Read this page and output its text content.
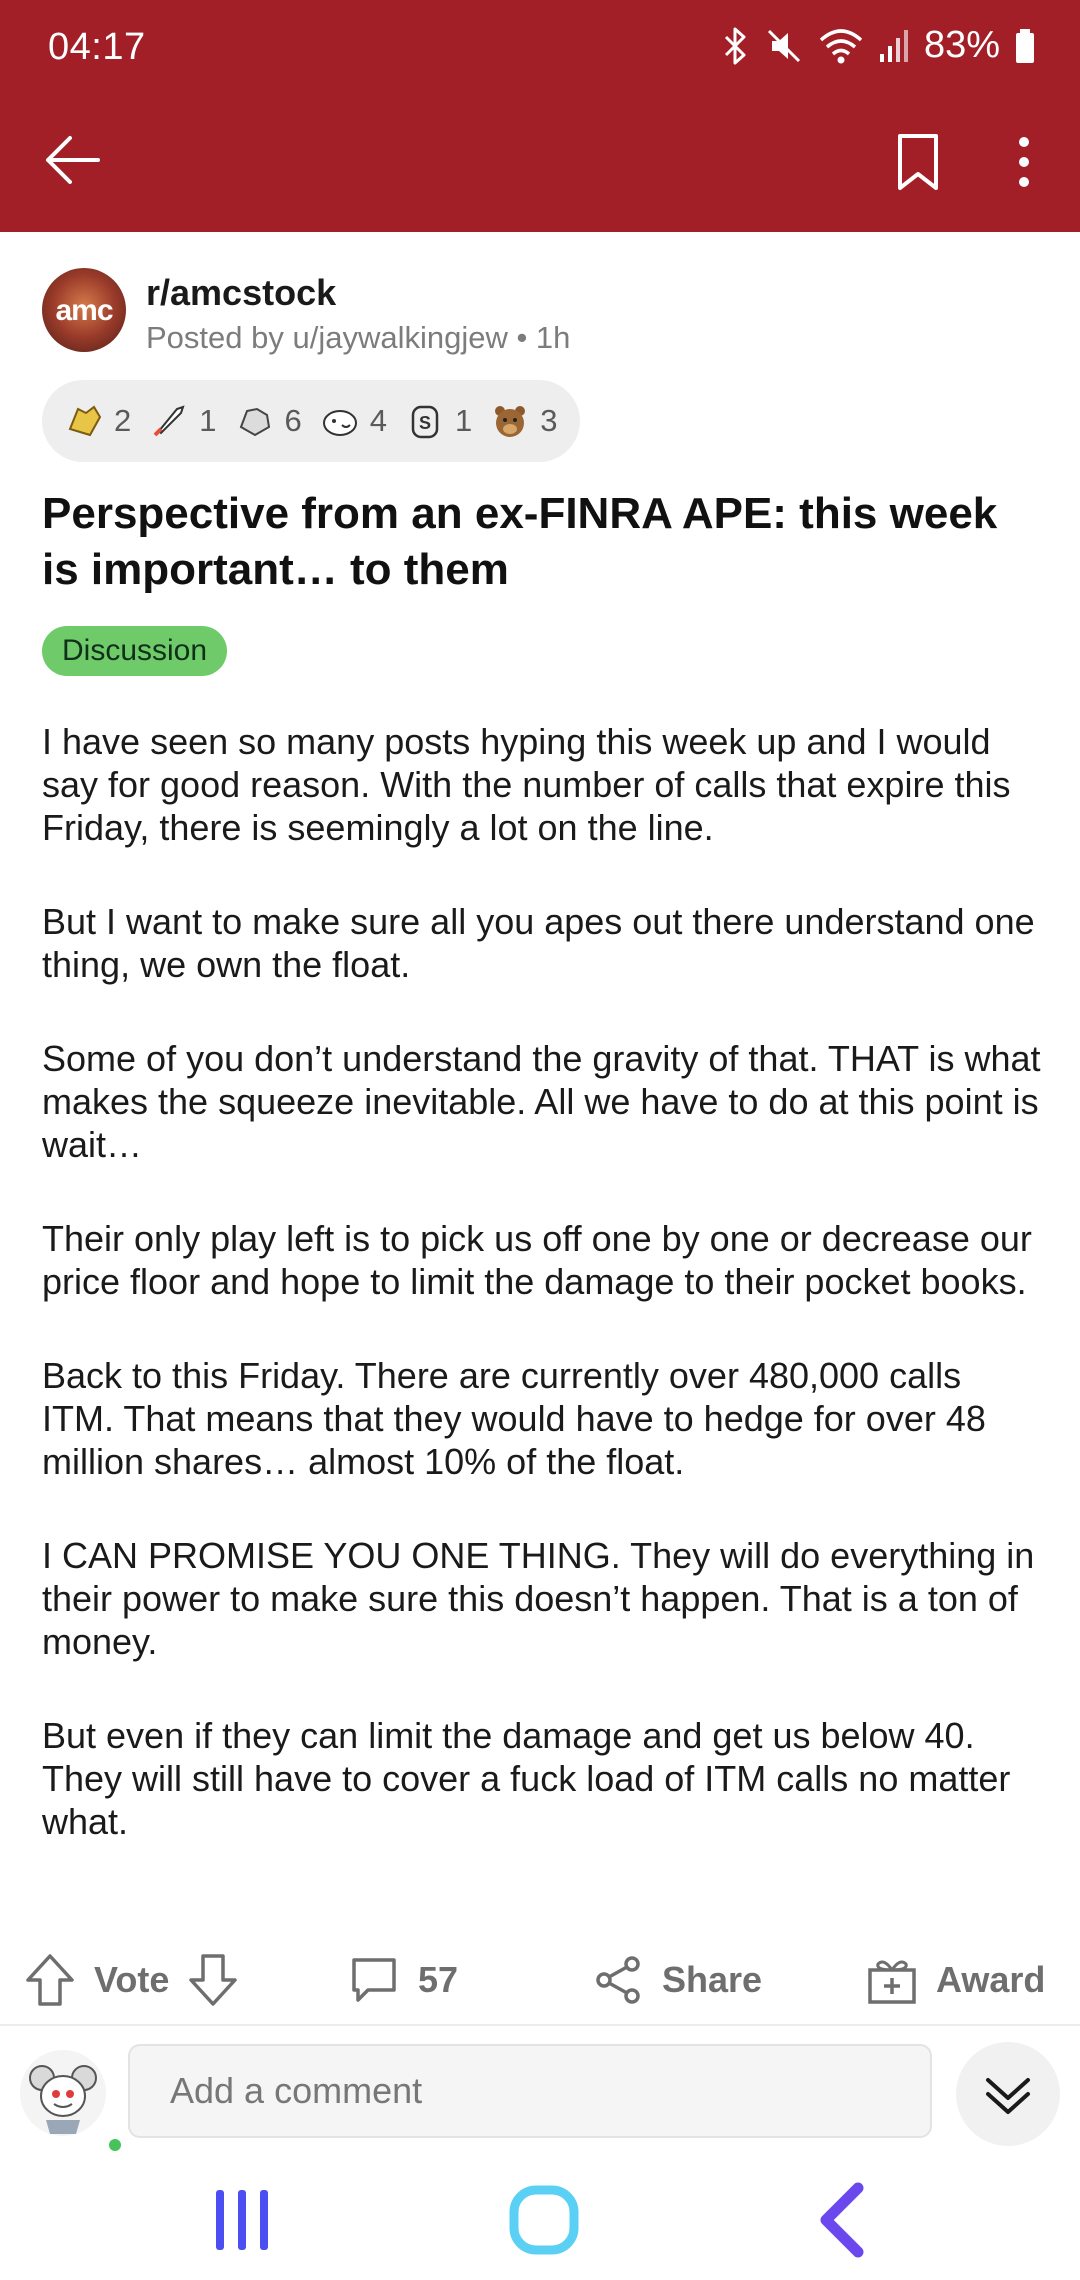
04:17	83%
amc r/amcstock
Posted by u/jaywalkingjew • 1h
2 1 6 4 S 1 3
Perspective from an ex-FINRA APE: this week is important… to them
Discussion

I have seen so many posts hyping this week up and I would say for good reason. With the number of calls that expire this Friday, there is seemingly a lot on the line.

But I want to make sure all you apes out there understand one thing, we own the float.

Some of you don’t understand the gravity of that. THAT is what makes the squeeze inevitable. All we have to do at this point is wait…

Their only play left is to pick us off one by one or decrease our price floor and hope to limit the damage to their pocket books.

Back to this Friday. There are currently over 480,000 calls ITM. That means that they would have to hedge for over 48 million shares… almost 10% of the float.

I CAN PROMISE YOU ONE THING. They will do everything in their power to make sure this doesn’t happen. That is a ton of money.

But even if they can limit the damage and get us below 40. They will still have to cover a fuck load of ITM calls no matter what.

Vote	57	Share	Award
Add a comment
